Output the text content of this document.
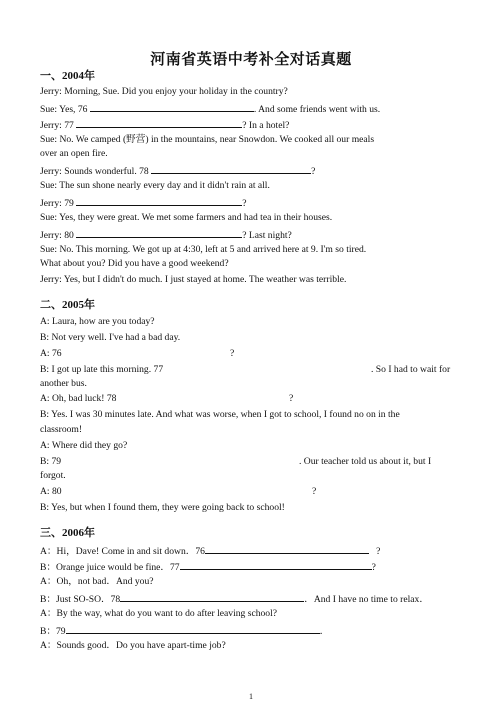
河南省英语中考补全对话真题
一、2004年
Jerry: Morning, Sue. Did you enjoy your holiday in the country?
Sue: Yes, 76	. And some friends went with us.
Jerry: 77	? In a hotel?
Sue: No. We camped (野营) in the mountains, near Snowdon. We cooked all our meals
over an open fire.
Jerry: Sounds wonderful. 78	?
Sue: The sun shone nearly every day and it didn't rain at all.
Jerry: 79	?
Sue: Yes, they were great. We met some farmers and had tea in their houses.
Jerry: 80	? Last night?
Sue: No. This morning. We got up at 4:30, left at 5 and arrived here at 9. I'm so tired.
What about you? Did you have a good weekend?
Jerry: Yes, but I didn't do much. I just stayed at home. The weather was terrible.
二、2005年
A: Laura, how are you today?
B: Not very well. I've had a bad day.
A: 76	?
B: I got up late this morning. 77	. So I had to wait for
another bus.
A: Oh, bad luck! 78	?
B: Yes. I was 30 minutes late. And what was worse, when I got to school, I found no on in the
classroom!
A: Where did they go?
B: 79	. Our teacher told us about it, but I
forgot.
A: 80	?
B: Yes, but when I found them, they were going back to school!
三、2006年
A：Hi，Dave! Come in and sit down．76	?
B：Orange juice would be fine．77	?
A：Oh，not bad．And you?
B：Just SO-SO．78	．And I have no time to relax．
A：By the way, what do you want to do after leaving school?
B：79	．
A：Sounds good．Do you have apart-time job?
1
